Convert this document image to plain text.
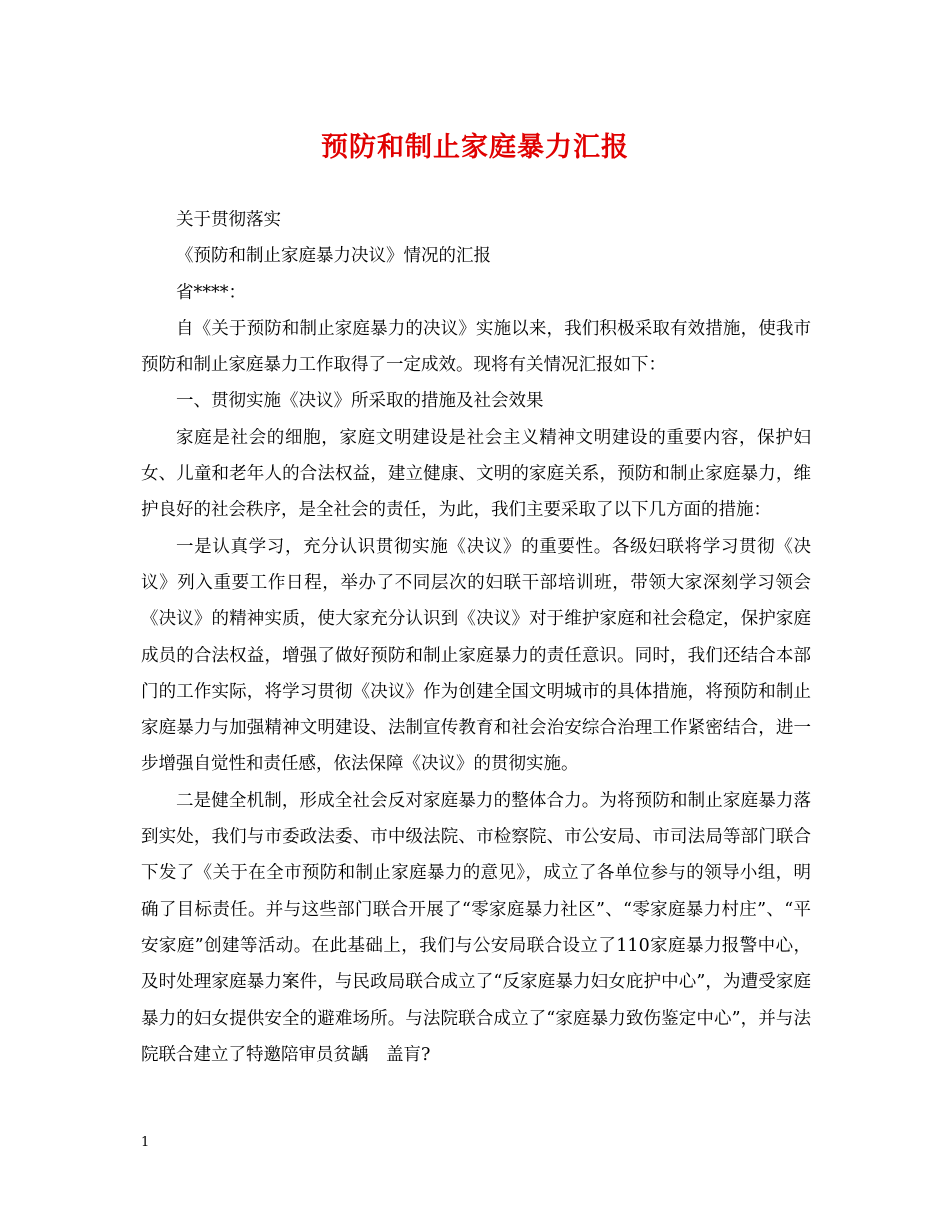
预防和制止家庭暴力汇报

关于贯彻落实

《预防和制止家庭暴力决议》情况的汇报

省****：

自《关于预防和制止家庭暴力的决议》实施以来，我们积极采取有效措施，使我市预防和制止家庭暴力工作取得了一定成效。现将有关情况汇报如下：

一、贯彻实施《决议》所采取的措施及社会效果

家庭是社会的细胞，家庭文明建设是社会主义精神文明建设的重要内容，保护妇女、儿童和老年人的合法权益，建立健康、文明的家庭关系，预防和制止家庭暴力，维护良好的社会秩序，是全社会的责任，为此，我们主要采取了以下几方面的措施：

一是认真学习，充分认识贯彻实施《决议》的重要性。各级妇联将学习贯彻《决议》列入重要工作日程，举办了不同层次的妇联干部培训班，带领大家深刻学习领会《决议》的精神实质，使大家充分认识到《决议》对于维护家庭和社会稳定，保护家庭成员的合法权益，增强了做好预防和制止家庭暴力的责任意识。同时，我们还结合本部门的工作实际，将学习贯彻《决议》作为创建全国文明城市的具体措施，将预防和制止家庭暴力与加强精神文明建设、法制宣传教育和社会治安综合治理工作紧密结合，进一步增强自觉性和责任感，依法保障《决议》的贯彻实施。

二是健全机制，形成全社会反对家庭暴力的整体合力。为将预防和制止家庭暴力落到实处，我们与市委政法委、市中级法院、市检察院、市公安局、市司法局等部门联合下发了《关于在全市预防和制止家庭暴力的意见》，成立了各单位参与的领导小组，明确了目标责任。并与这些部门联合开展了“零家庭暴力社区”、“零家庭暴力村庄”、“平安家庭”创建等活动。在此基础上，我们与公安局联合设立了110家庭暴力报警中心，及时处理家庭暴力案件，与民政局联合成立了“反家庭暴力妇女庇护中心”，为遭受家庭暴力的妇女提供安全的避难场所。与法院联合成立了“家庭暴力致伤鉴定中心”，并与法院联合建立了特邀陪审员贫龋　盖肓?

1
